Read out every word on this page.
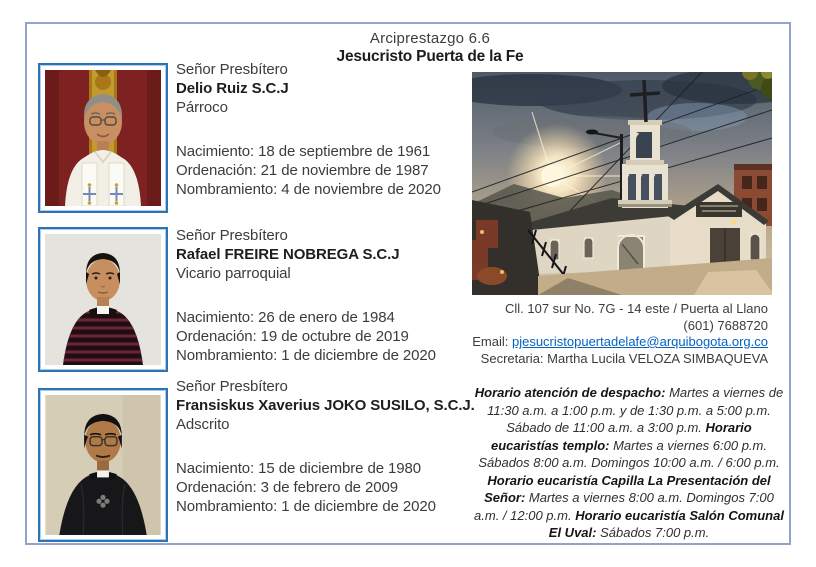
Arciprestazgo 6.6
Jesucristo Puerta de la Fe
Señor Presbítero
Delio Ruiz S.C.J
Párroco
Nacimiento: 18 de septiembre de 1961
Ordenación: 21 de noviembre de 1987
Nombramiento: 4 de noviembre de 2020
Señor Presbítero
Rafael FREIRE NOBREGA S.C.J
Vicario parroquial
Nacimiento: 26 de enero de 1984
Ordenación: 19 de octubre de 2019
Nombramiento: 1 de diciembre de 2020
Señor Presbítero
Fransiskus Xaverius JOKO SUSILO, S.C.J.
Adscrito
Nacimiento: 15 de diciembre de 1980
Ordenación: 3 de febrero de 2009
Nombramiento: 1 de diciembre de 2020
Cll. 107 sur No. 7G - 14 este / Puerta al Llano
(601) 7688720
Email: pjesucristopuertadelafe@arquibogota.org.co
Secretaria: Martha Lucila VELOZA SIMBAQUEVA
Horario atención de despacho: Martes a viernes de 11:30 a.m. a 1:00 p.m. y de 1:30 p.m. a 5:00 p.m. Sábado de 11:00 a.m. a 3:00 p.m. Horario eucaristías templo: Martes a viernes 6:00 p.m. Sábados 8:00 a.m. Domingos 10:00 a.m. / 6:00 p.m. Horario eucaristía Capilla La Presentación del Señor: Martes a viernes 8:00 a.m. Domingos 7:00 a.m. / 12:00 p.m. Horario eucaristía Salón Comunal El Uval: Sábados 7:00 p.m.
